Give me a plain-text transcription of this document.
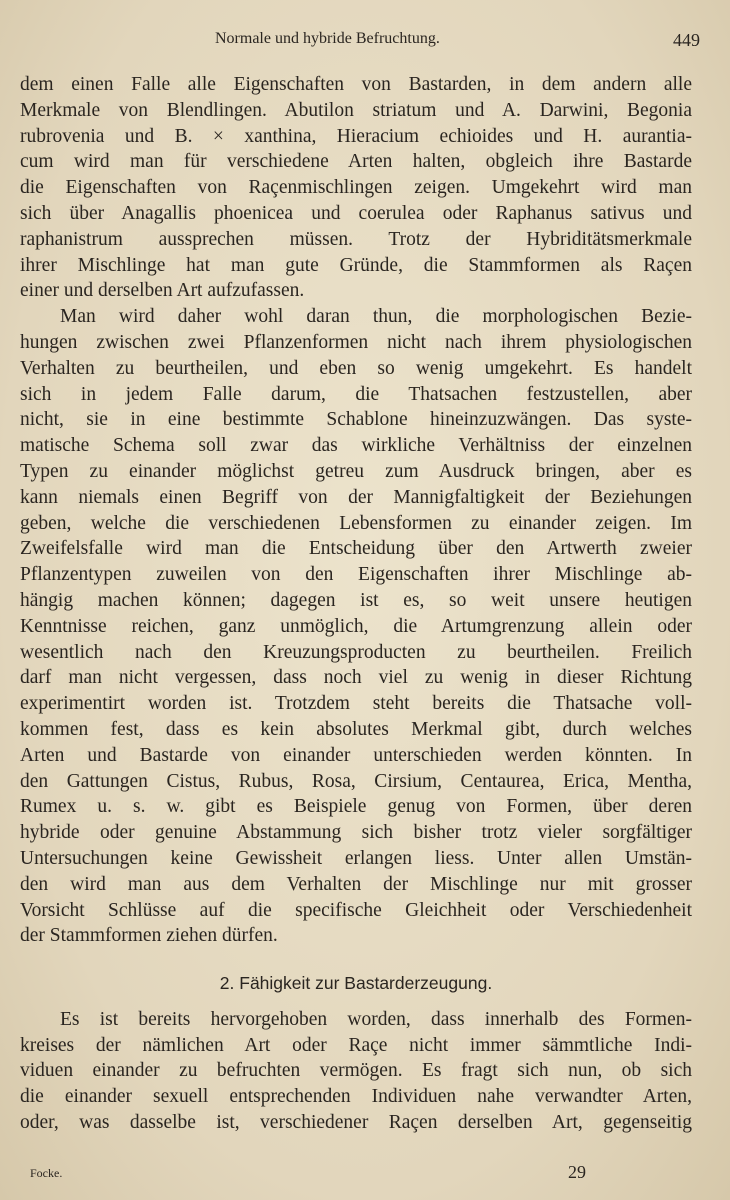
Normale und hybride Befruchtung.	449
dem einen Falle alle Eigenschaften von Bastarden, in dem andern alle
Merkmale von Blendlingen. Abutilon striatum und A. Darwini, Begonia
rubrovenia und B. × xanthina, Hieracium echioides und H. aurantia-
cum wird man für verschiedene Arten halten, obgleich ihre Bastarde
die Eigenschaften von Raçenmischlingen zeigen. Umgekehrt wird man
sich über Anagallis phoenicea und coerulea oder Raphanus sativus und
raphanistrum aussprechen müssen. Trotz der Hybriditätsmerkmale
ihrer Mischlinge hat man gute Gründe, die Stammformen als Raçen
einer und derselben Art aufzufassen.
Man wird daher wohl daran thun, die morphologischen Bezie-
hungen zwischen zwei Pflanzenformen nicht nach ihrem physiologischen
Verhalten zu beurtheilen, und eben so wenig umgekehrt. Es handelt
sich in jedem Falle darum, die Thatsachen festzustellen, aber
nicht, sie in eine bestimmte Schablone hineinzuzwängen. Das syste-
matische Schema soll zwar das wirkliche Verhältniss der einzelnen
Typen zu einander möglichst getreu zum Ausdruck bringen, aber es
kann niemals einen Begriff von der Mannigfaltigkeit der Beziehungen
geben, welche die verschiedenen Lebensformen zu einander zeigen. Im
Zweifelsfalle wird man die Entscheidung über den Artwerth zweier
Pflanzentypen zuweilen von den Eigenschaften ihrer Mischlinge ab-
hängig machen können; dagegen ist es, so weit unsere heutigen
Kenntnisse reichen, ganz unmöglich, die Artumgrenzung allein oder
wesentlich nach den Kreuzungsproducten zu beurtheilen. Freilich
darf man nicht vergessen, dass noch viel zu wenig in dieser Richtung
experimentirt worden ist. Trotzdem steht bereits die Thatsache voll-
kommen fest, dass es kein absolutes Merkmal gibt, durch welches
Arten und Bastarde von einander unterschieden werden könnten. In
den Gattungen Cistus, Rubus, Rosa, Cirsium, Centaurea, Erica, Mentha,
Rumex u. s. w. gibt es Beispiele genug von Formen, über deren
hybride oder genuine Abstammung sich bisher trotz vieler sorgfältiger
Untersuchungen keine Gewissheit erlangen liess. Unter allen Umstän-
den wird man aus dem Verhalten der Mischlinge nur mit grosser
Vorsicht Schlüsse auf die specifische Gleichheit oder Verschiedenheit
der Stammformen ziehen dürfen.
2. Fähigkeit zur Bastarderzeugung.
Es ist bereits hervorgehoben worden, dass innerhalb des Formen-
kreises der nämlichen Art oder Raçe nicht immer sämmtliche Indi-
viduen einander zu befruchten vermögen. Es fragt sich nun, ob sich
die einander sexuell entsprechenden Individuen nahe verwandter Arten,
oder, was dasselbe ist, verschiedener Raçen derselben Art, gegenseitig
Focke.	29
